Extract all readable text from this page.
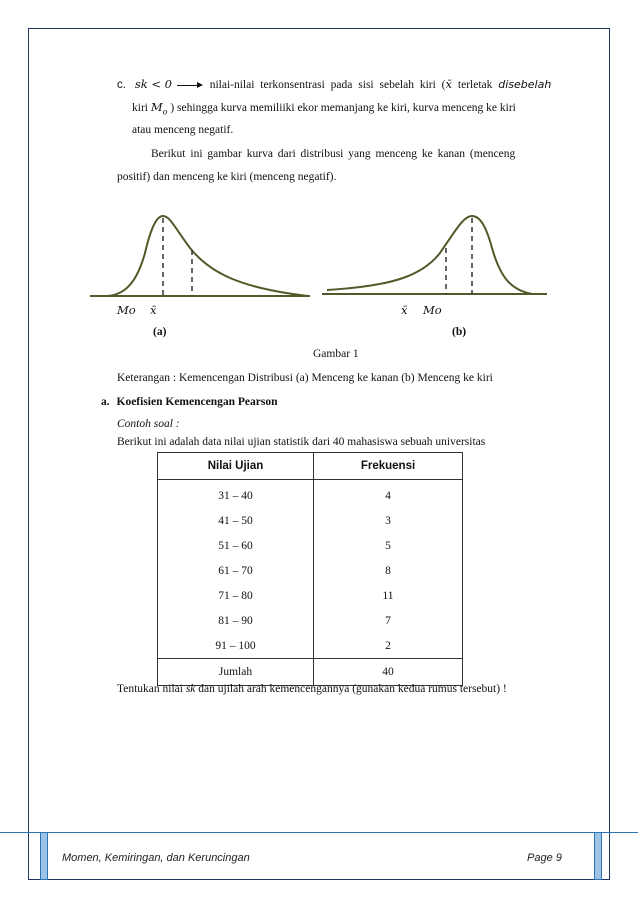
c. sk < 0	nilai-nilai terkonsentrasi pada sisi sebelah kiri (x̄ terletak disebelah
kiri $M_o$ ) sehingga kurva memiliiki ekor memanjang ke kiri, kurva menceng ke kiri
atau menceng negatif.
Berikut ini gambar kurva dari distribusi yang menceng ke kanan (menceng
positif) dan menceng ke kiri (menceng negatif).
Mo x̄	x̄ Mo
(a)	(b)
Gambar 1
Keterangan : Kemencengan Distribusi (a) Menceng ke kanan (b) Menceng ke kiri
a. Koefisien Kemencengan Pearson
Contoh soal :
Berikut ini adalah data nilai ujian statistik dari 40 mahasiswa sebuah universitas
Nilai Ujian	Frekuensi
31 – 40	4
41 – 50	3
51 – 60	5
61 – 70	8
71 – 80	11
81 – 90	7
91 – 100	2
Jumlah	40
Tentukan nilai sk dan ujilah arah kemencengannya (gunakan kedua rumus tersebut) !
Momen, Kemiringan, dan Keruncingan	Page 9
